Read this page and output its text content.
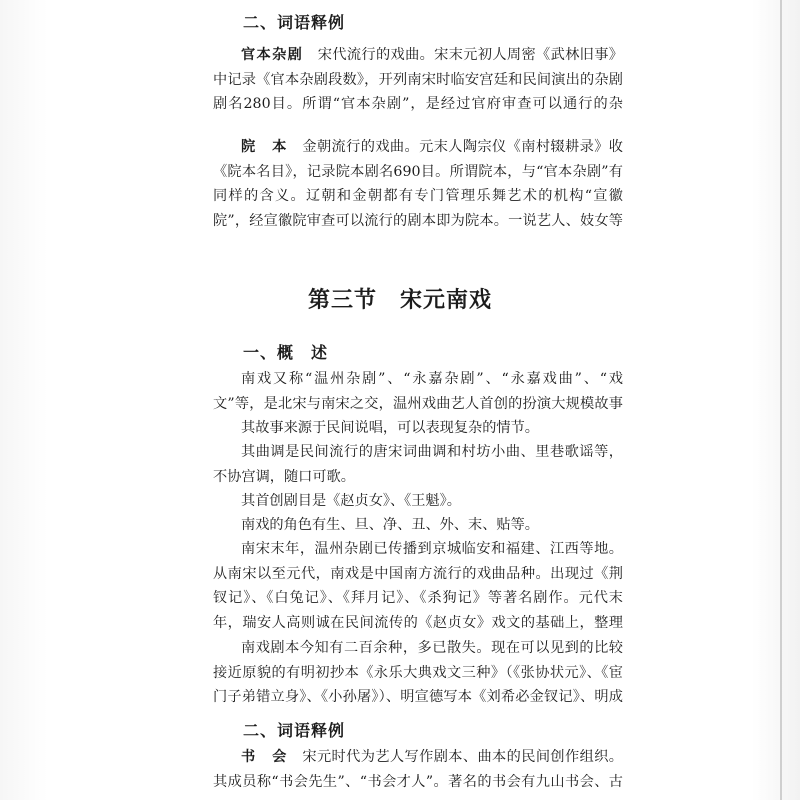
二、词语释例
官本杂剧　 宋代流行的戏曲。宋末元初人周密《武林旧事》中记录《官本杂剧段数》，开列南宋时临安宫廷和民间演出的杂剧剧名280目。所谓“官本杂剧”，是经过官府审查可以通行的杂
院　本　 金朝流行的戏曲。元末人陶宗仪《南村辍耕录》收《院本名目》，记录院本剧名690目。所谓院本，与“官本杂剧”有同样的含义。辽朝和金朝都有专门管理乐舞艺术的机构“宣徽院”，经宣徽院审查可以流行的剧本即为院本。一说艺人、妓女等
第三节　宋元南戏
一、概　述
南戏又称“温州杂剧”、“永嘉杂剧”、“永嘉戏曲”、“戏文”等，是北宋与南宋之交，温州戏曲艺人首创的扮演大规模故事
其故事来源于民间说唱，可以表现复杂的情节。
其曲调是民间流行的唐宋词曲调和村坊小曲、里巷歌谣等，不协宫调，随口可歌。
其首创剧目是《赵贞女》、《王魁》。
南戏的角色有生、旦、净、丑、外、末、贴等。
南宋末年，温州杂剧已传播到京城临安和福建、江西等地。从南宋以至元代，南戏是中国南方流行的戏曲品种。出现过《荆钗记》、《白兔记》、《拜月记》、《杀狗记》等著名剧作。元代末年，瑞安人高则诚在民间流传的《赵贞女》戏文的基础上，整理
南戏剧本今知有二百余种，多已散失。现在可以见到的比较接近原貌的有明初抄本《永乐大典戏文三种》（《张协状元》、《宦门子弟错立身》、《小孙屠》）、明宣德写本《刘希必金钗记》、明成
二、词语释例
书　会　 宋元时代为艺人写作剧本、曲本的民间创作组织。其成员称“书会先生”、“书会才人”。著名的书会有九山书会、古
